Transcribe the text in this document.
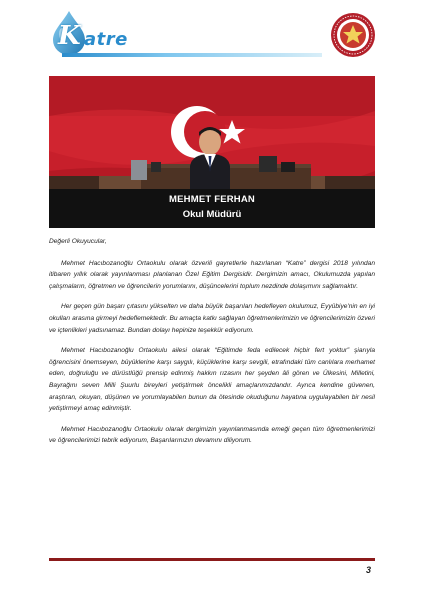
K atre
MEHMET FERHAN
Okul Müdürü

Değerli Okuyucular,

Mehmet Hacıbozanoğlu Ortaokulu olarak özverili gayretlerle hazırlanan “Katre” dergisi 2018 yılından itibaren yıllık olarak yayınlanması planlanan Özel Eğitim Dergisidir. Dergimizin amacı, Okulumuzda yapılan çalışmaların, öğretmen ve öğrencilerin yorumlarını, düşüncelerini toplum nezdinde dolaşımını sağlamaktır.

Her geçen gün başarı çıtasını yükselten ve daha büyük başarıları hedefleyen okulumuz, Eyyübiye'nin en iyi okulları arasına girmeyi hedeflemektedir. Bu amaçta katkı sağlayan öğretmenlerimizin ve öğrencilerimizin özveri ve içtenlikleri yadsınamaz. Bundan dolayı hepinize teşekkür ediyorum.

Mehmet Hacıbozanoğlu Ortaokulu ailesi olarak “Eğitimde feda edilecek hiçbir fert yoktur” şiarıyla öğrencisini önemseyen, büyüklerine karşı saygılı, küçüklerine karşı sevgili, etrafındaki tüm canlılara merhamet eden, doğruluğu ve dürüstlüğü prensip edinmiş hakkın rızasını her şeyden âli gören ve Ülkesini, Milletini, Bayrağını seven Milli Şuurlu bireyleri yetiştirmek öncelikli amaçlarımızdandır. Ayrıca kendine güvenen, araştıran, okuyan, düşünen ve yorumlayabilen bunun da ötesinde okuduğunu hayatına uygulayabilen bir nesil yetiştirmeyi amaç edinmiştir.

Mehmet Hacıbozanoğlu Ortaokulu olarak dergimizin yayınlanmasında emeği geçen tüm öğretmenlerimizi ve öğrencilerimizi tebrik ediyorum, Başarılarınızın devamını diliyorum.

3
